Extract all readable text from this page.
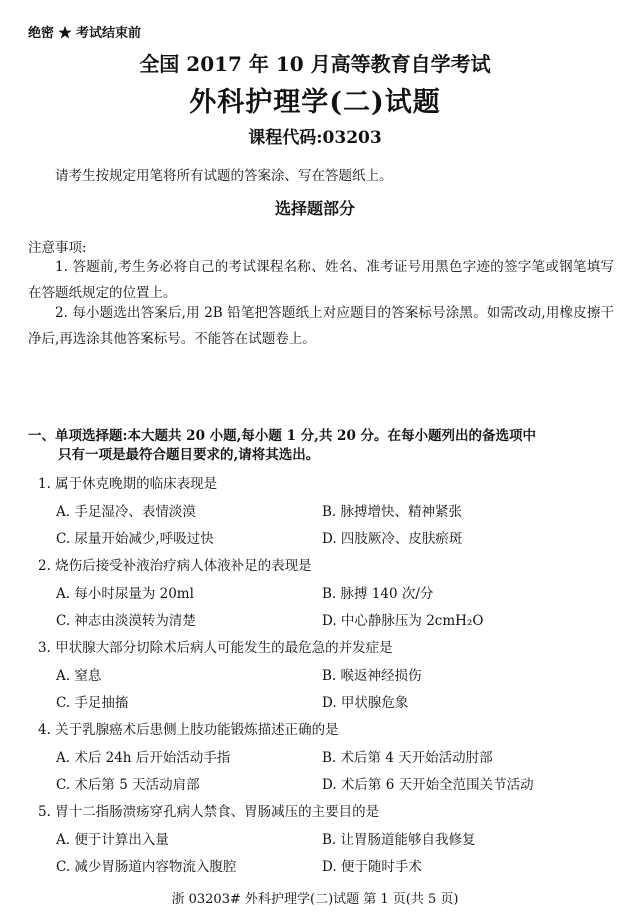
绝密 ★ 考试结束前
全国 2017 年 10 月高等教育自学考试
外科护理学(二)试题
课程代码:03203
请考生按规定用笔将所有试题的答案涂、写在答题纸上。
选择题部分
注意事项:
1. 答题前,考生务必将自己的考试课程名称、姓名、准考证号用黑色字迹的签字笔或钢笔填写在答题纸规定的位置上。
2. 每小题选出答案后,用 2B 铅笔把答题纸上对应题目的答案标号涂黑。如需改动,用橡皮擦干净后,再选涂其他答案标号。不能答在试题卷上。
一、单项选择题:本大题共 20 小题,每小题 1 分,共 20 分。在每小题列出的备选项中
只有一项是最符合题目要求的,请将其选出。
1. 属于休克晚期的临床表现是
A. 手足湿冷、表情淡漠	B. 脉搏增快、精神紧张
C. 尿量开始减少,呼吸过快	D. 四肢厥冷、皮肤瘀斑
2. 烧伤后接受补液治疗病人体液补足的表现是
A. 每小时尿量为 20ml	B. 脉搏 140 次/分
C. 神志由淡漠转为清楚	D. 中心静脉压为 2cmH₂O
3. 甲状腺大部分切除术后病人可能发生的最危急的并发症是
A. 窒息	B. 喉返神经损伤
C. 手足抽搐	D. 甲状腺危象
4. 关于乳腺癌术后患侧上肢功能锻炼描述正确的是
A. 术后 24h 后开始活动手指	B. 术后第 4 天开始活动肘部
C. 术后第 5 天活动肩部	D. 术后第 6 天开始全范围关节活动
5. 胃十二指肠溃疡穿孔病人禁食、胃肠减压的主要目的是
A. 便于计算出入量	B. 让胃肠道能够自我修复
C. 减少胃肠道内容物流入腹腔	D. 便于随时手术
浙 03203# 外科护理学(二)试题 第 1 页(共 5 页)
